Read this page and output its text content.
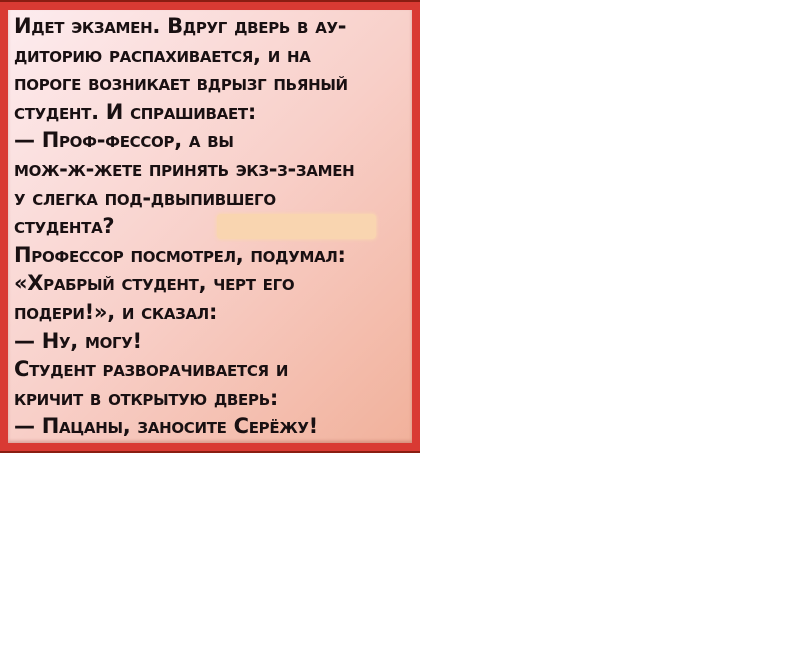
Идет экзамен. Вдруг дверь в ау-
диторию распахивается, и на
пороге возникает вдрызг пьяный
студент. И спрашивает:
— Проф-фессор, а вы
мож-ж-жете принять экз-з-замен
у слегка под-двыпившего
студента?
Профессор посмотрел, подумал:
«Храбрый студент, черт его
подери!», и сказал:
— Ну, могу!
Студент разворачивается и
кричит в открытую дверь:
— Пацаны, заносите Серёжу!
